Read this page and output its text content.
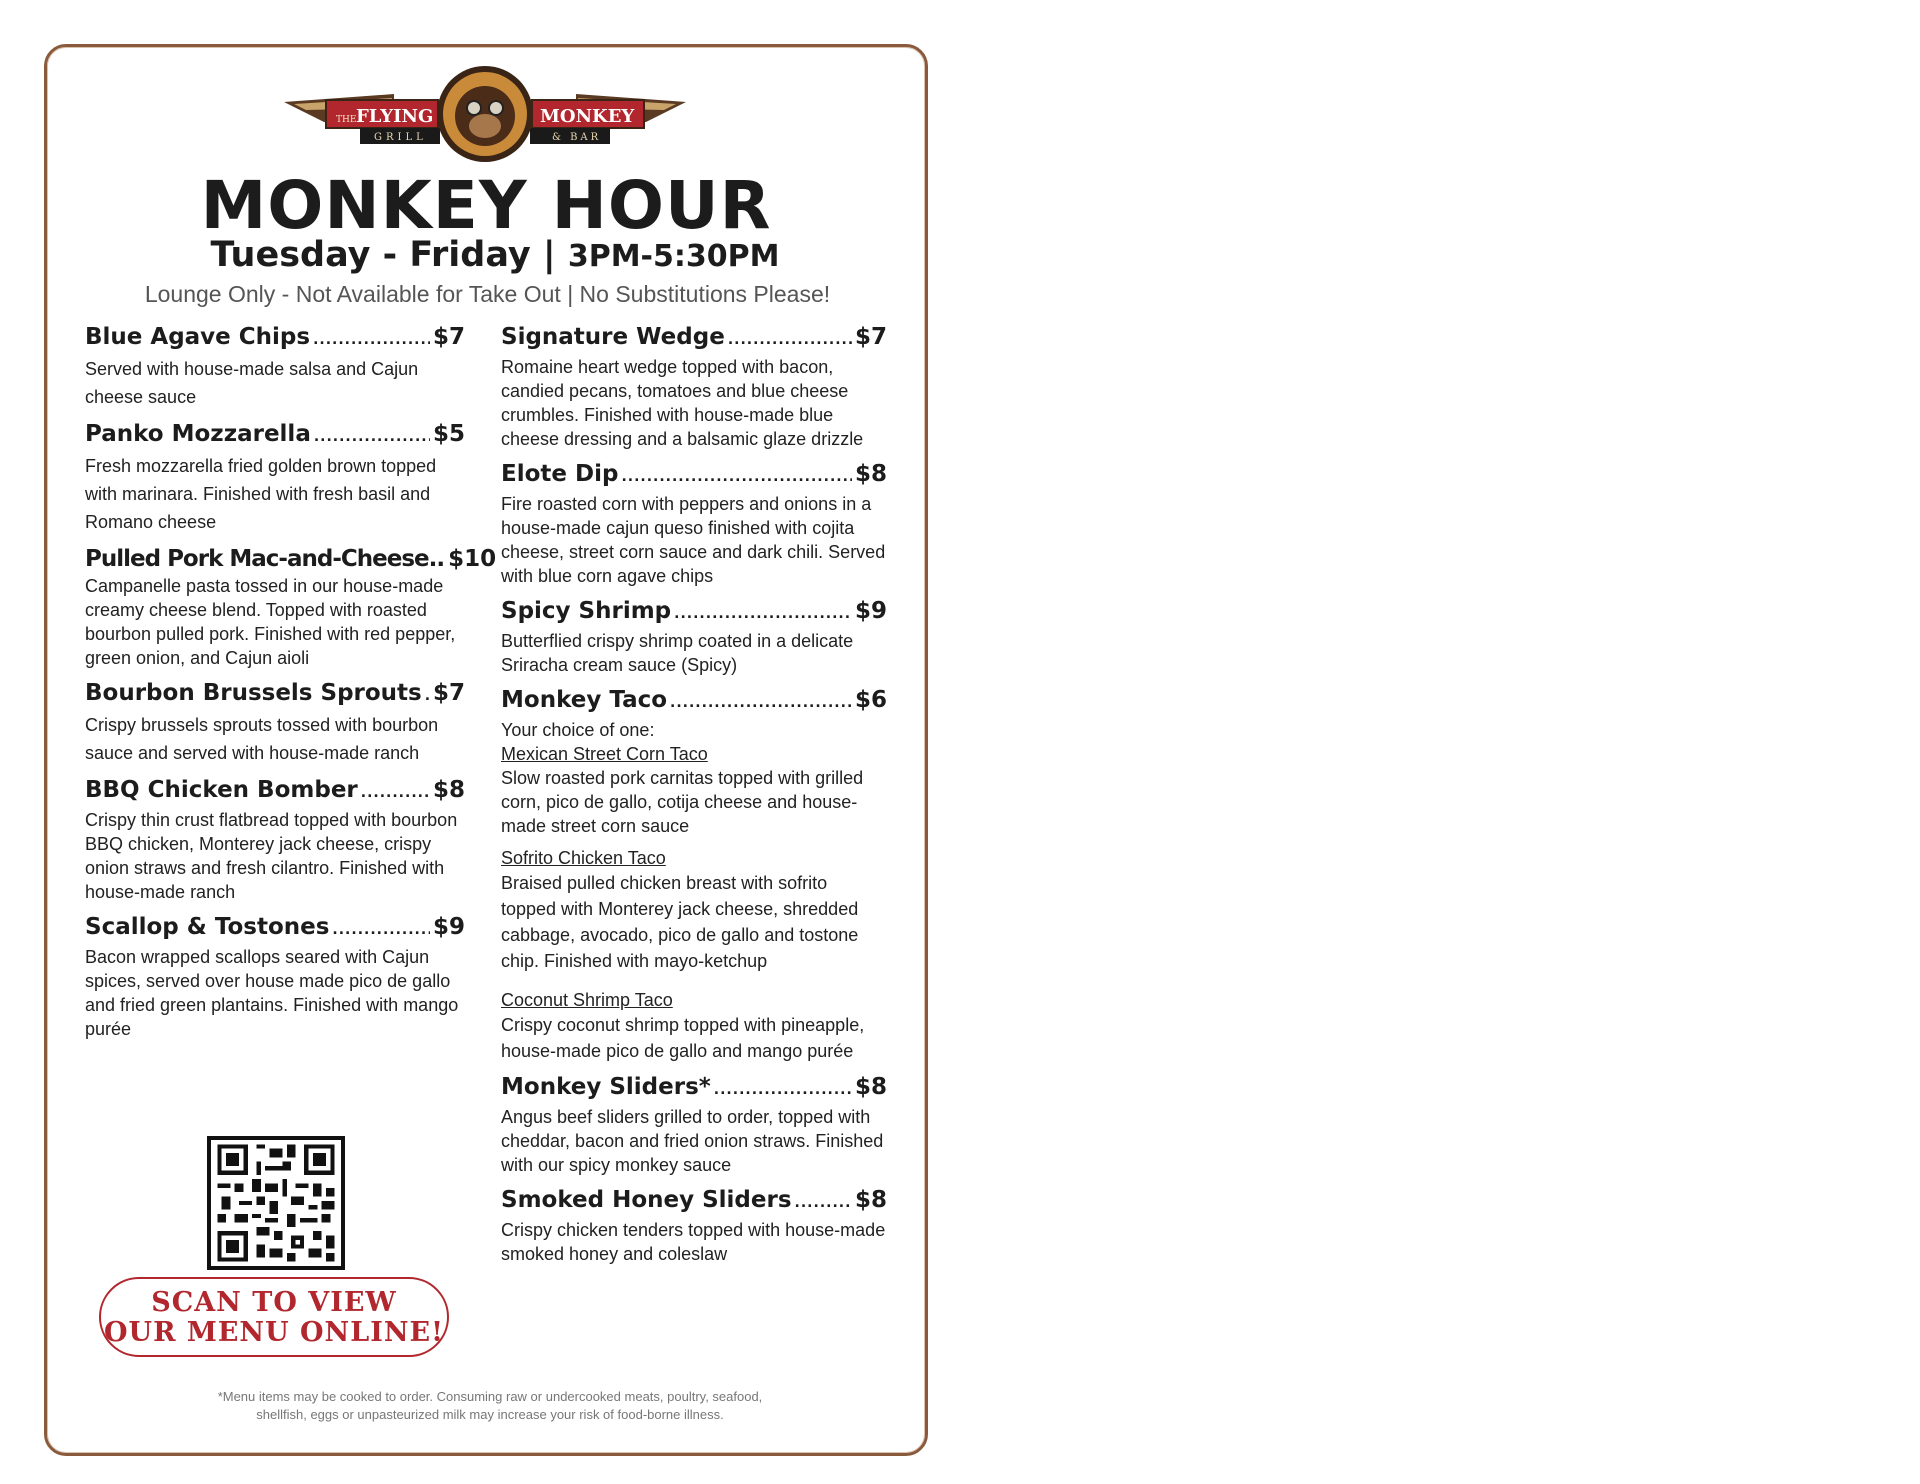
THE FLYING	MONKEY
GRILL	& BAR
MONKEY HOUR
Tuesday - Friday | 3PM-5:30PM
Lounge Only - Not Available for Take Out | No Substitutions Please!
Blue Agave Chips .....	$7
Served with house-made salsa and Cajun cheese sauce
Panko Mozzarella .....	$5
Fresh mozzarella fried golden brown topped with marinara. Finished with fresh basil and Romano cheese
Pulled Pork Mac-and-Cheese.. $10
Campanelle pasta tossed in our house-made creamy cheese blend. Topped with roasted bourbon pulled pork. Finished with red pepper, green onion, and Cajun aioli
Bourbon Brussels Sprouts ..... $7
Crispy brussels sprouts tossed with bourbon sauce and served with house-made ranch
BBQ Chicken Bomber .....	$8
Crispy thin crust flatbread topped with bourbon BBQ chicken, Monterey jack cheese, crispy onion straws and fresh cilantro. Finished with house-made ranch
Scallop & Tostones .....	$9
Bacon wrapped scallops seared with Cajun spices, served over house made pico de gallo and fried green plantains. Finished with mango purée
Signature Wedge .....	$7
Romaine heart wedge topped with bacon, candied pecans, tomatoes and blue cheese crumbles. Finished with house-made blue cheese dressing and a balsamic glaze drizzle
Elote Dip .....	$8
Fire roasted corn with peppers and onions in a house-made cajun queso finished with cojita cheese, street corn sauce and dark chili. Served with blue corn agave chips
Spicy Shrimp .....	$9
Butterflied crispy shrimp coated in a delicate Sriracha cream sauce (Spicy)
Monkey Taco .....	$6
Your choice of one:
Mexican Street Corn Taco
Slow roasted pork carnitas topped with grilled corn, pico de gallo, cotija cheese and house-made street corn sauce
Sofrito Chicken Taco
Braised pulled chicken breast with sofrito topped with Monterey jack cheese, shredded cabbage, avocado, pico de gallo and tostone chip. Finished with mayo-ketchup
Coconut Shrimp Taco
Crispy coconut shrimp topped with pineapple, house-made pico de gallo and mango purée
Monkey Sliders* .....	$8
Angus beef sliders grilled to order, topped with cheddar, bacon and fried onion straws. Finished with our spicy monkey sauce
Smoked Honey Sliders .....	$8
Crispy chicken tenders topped with house-made smoked honey and coleslaw
SCAN TO VIEW
OUR MENU ONLINE!
*Menu items may be cooked to order. Consuming raw or undercooked meats, poultry, seafood,
shellfish, eggs or unpasteurized milk may increase your risk of food-borne illness.
